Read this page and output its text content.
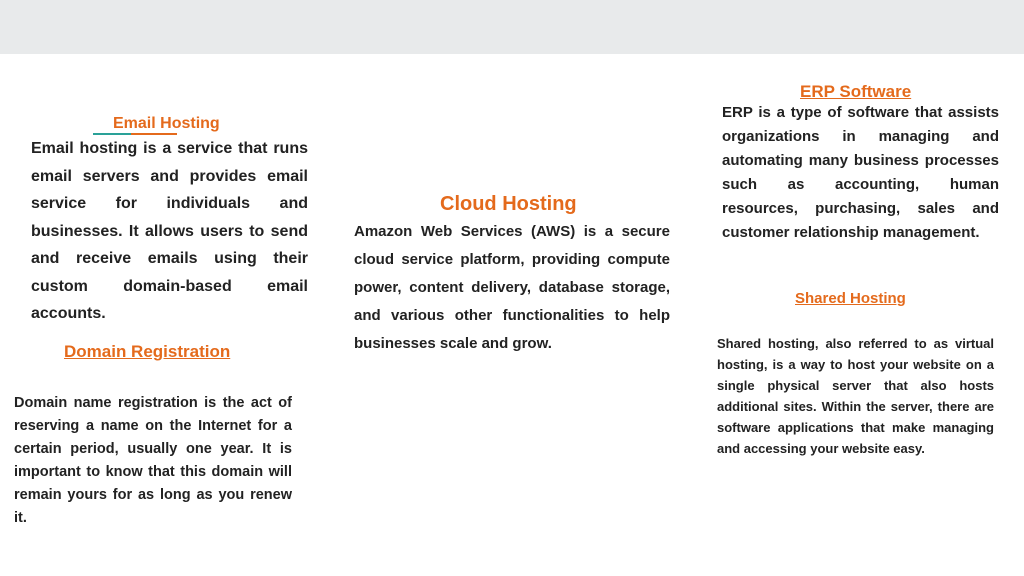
Email Hosting

Email hosting is a service that runs email servers and provides email service for individuals and businesses. It allows users to send and receive emails using their custom domain-based email accounts.

Domain Registration

Domain name registration is the act of reserving a name on the Internet for a certain period, usually one year. It is important to know that this domain will remain yours for as long as you renew it.

Cloud Hosting

Amazon Web Services (AWS) is a secure cloud service platform, providing compute power, content delivery, database storage, and various other functionalities to help businesses scale and grow.

ERP Software

ERP is a type of software that assists organizations in managing and automating many business processes such as accounting, human resources, purchasing, sales and customer relationship management.

Shared Hosting

Shared hosting, also referred to as virtual hosting, is a way to host your website on a single physical server that also hosts additional sites. Within the server, there are software applications that make managing and accessing your website easy.
